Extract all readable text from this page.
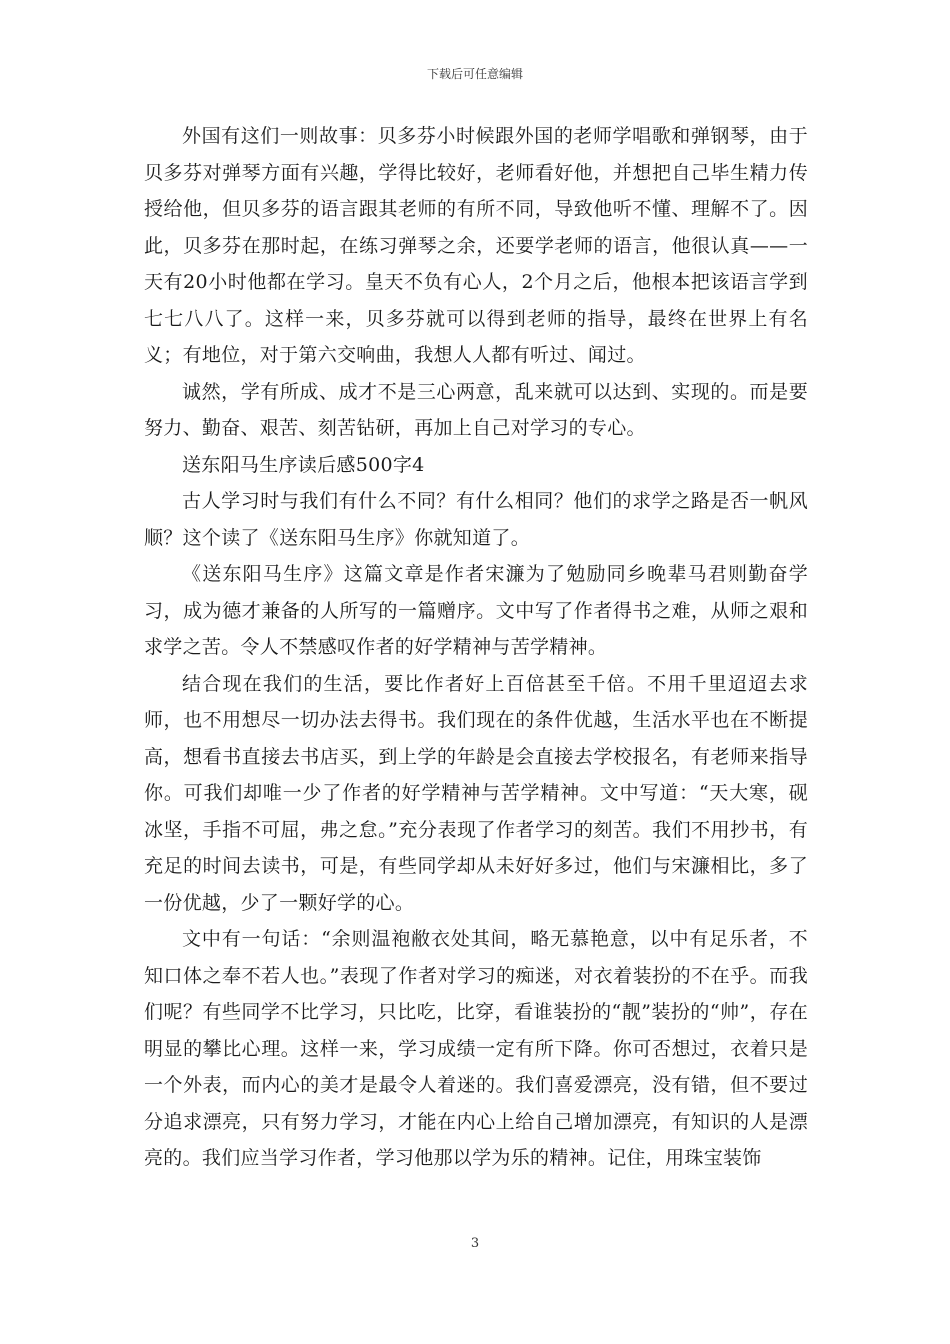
下载后可任意编辑

外国有这们一则故事：贝多芬小时候跟外国的老师学唱歌和弹钢琴，由于贝多芬对弹琴方面有兴趣，学得比较好，老师看好他，并想把自己毕生精力传授给他，但贝多芬的语言跟其老师的有所不同，导致他听不懂、理解不了。因此，贝多芬在那时起，在练习弹琴之余，还要学老师的语言，他很认真——一天有20小时他都在学习。皇天不负有心人，2个月之后，他根本把该语言学到七七八八了。这样一来，贝多芬就可以得到老师的指导，最终在世界上有名义；有地位，对于第六交响曲，我想人人都有听过、闻过。

诚然，学有所成、成才不是三心两意，乱来就可以达到、实现的。而是要努力、勤奋、艰苦、刻苦钻研，再加上自己对学习的专心。

送东阳马生序读后感500字4

古人学习时与我们有什么不同？有什么相同？他们的求学之路是否一帆风顺？这个读了《送东阳马生序》你就知道了。

《送东阳马生序》这篇文章是作者宋濂为了勉励同乡晚辈马君则勤奋学习，成为德才兼备的人所写的一篇赠序。文中写了作者得书之难，从师之艰和求学之苦。令人不禁感叹作者的好学精神与苦学精神。

结合现在我们的生活，要比作者好上百倍甚至千倍。不用千里迢迢去求师，也不用想尽一切办法去得书。我们现在的条件优越，生活水平也在不断提高，想看书直接去书店买，到上学的年龄是会直接去学校报名，有老师来指导你。可我们却唯一少了作者的好学精神与苦学精神。文中写道：“天大寒，砚冰坚，手指不可屈，弗之怠。”充分表现了作者学习的刻苦。我们不用抄书，有充足的时间去读书，可是，有些同学却从未好好多过，他们与宋濂相比，多了一份优越，少了一颗好学的心。

文中有一句话：“余则温袍敝衣处其间，略无慕艳意，以中有足乐者，不知口体之奉不若人也。”表现了作者对学习的痴迷，对衣着装扮的不在乎。而我们呢？有些同学不比学习，只比吃，比穿，看谁装扮的“靓”装扮的“帅”，存在明显的攀比心理。这样一来，学习成绩一定有所下降。你可否想过，衣着只是一个外表，而内心的美才是最令人着迷的。我们喜爱漂亮，没有错，但不要过分追求漂亮，只有努力学习，才能在内心上给自己增加漂亮，有知识的人是漂亮的。我们应当学习作者，学习他那以学为乐的精神。记住，用珠宝装饰

3
